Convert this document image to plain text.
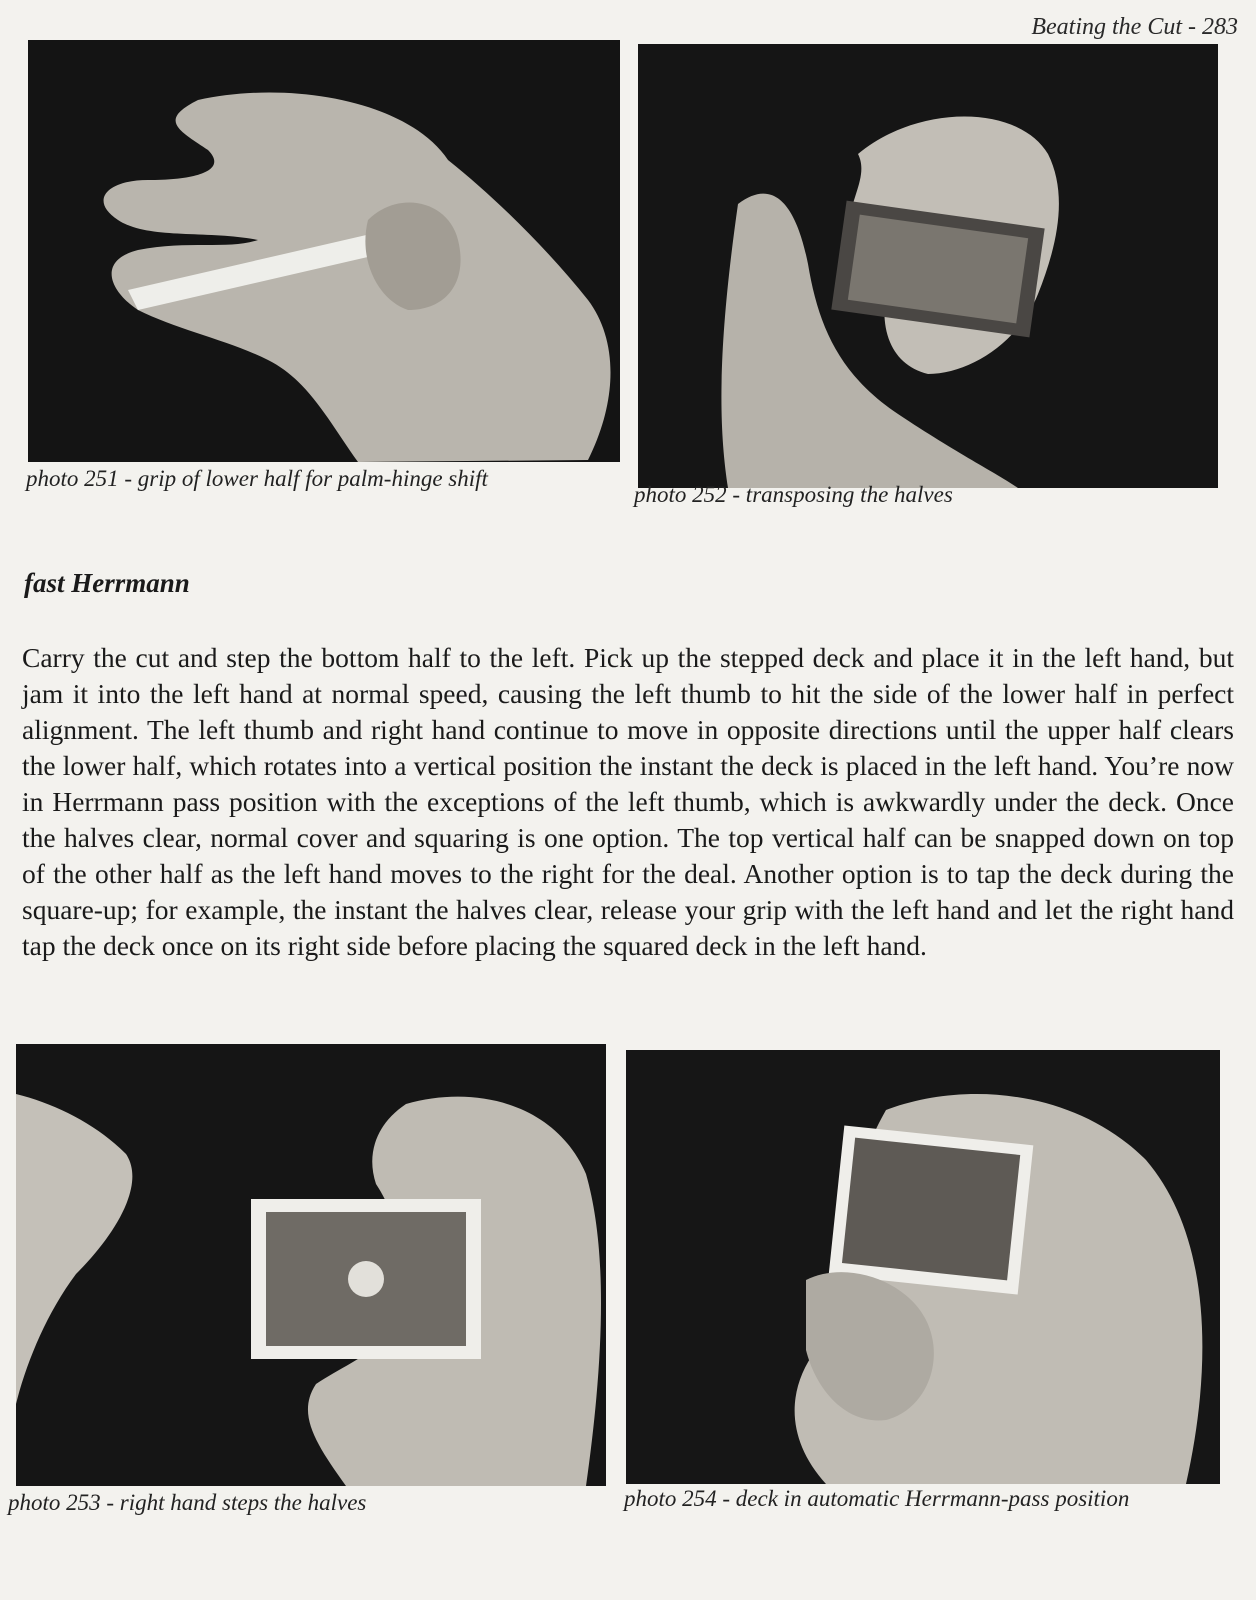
Beating the Cut - 283
photo 251 - grip of lower half for palm-hinge shift
photo 252 - transposing the halves
fast Herrmann

Carry the cut and step the bottom half to the left. Pick up the stepped deck and place it in the left hand, but jam it into the left hand at normal speed, causing the left thumb to hit the side of the lower half in perfect alignment. The left thumb and right hand continue to move in opposite directions until the upper half clears the lower half, which rotates into a vertical position the instant the deck is placed in the left hand. You’re now in Herrmann pass position with the exceptions of the left thumb, which is awkwardly under the deck. Once the halves clear, normal cover and squaring is one option. The top vertical half can be snapped down on top of the other half as the left hand moves to the right for the deal. Another option is to tap the deck during the square-up; for example, the instant the halves clear, release your grip with the left hand and let the right hand tap the deck once on its right side before placing the squared deck in the left hand.

photo 253 - right hand steps the halves	photo 254 - deck in automatic Herrmann-pass position
